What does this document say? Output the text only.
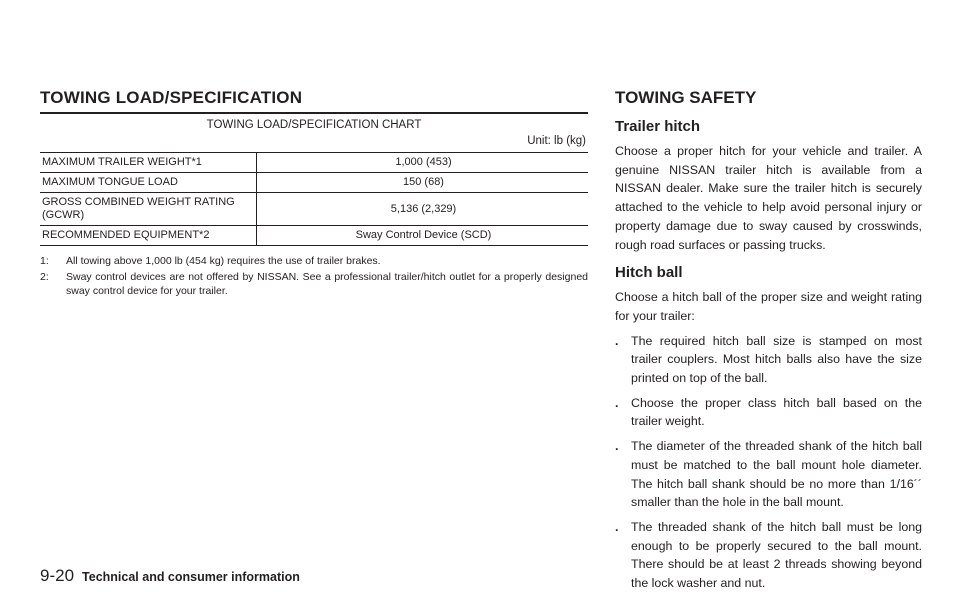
TOWING LOAD/SPECIFICATION
TOWING LOAD/SPECIFICATION CHART
Unit: lb (kg)
MAXIMUM TRAILER WEIGHT*1	1,000 (453)
MAXIMUM TONGUE LOAD	150 (68)
GROSS COMBINED WEIGHT RATING (GCWR)	5,136 (2,329)
RECOMMENDED EQUIPMENT*2	Sway Control Device (SCD)
1:	All towing above 1,000 lb (454 kg) requires the use of trailer brakes.
2:	Sway control devices are not offered by NISSAN. See a professional trailer/hitch outlet for a properly designed sway control device for your trailer.
TOWING SAFETY
Trailer hitch

Choose a proper hitch for your vehicle and trailer. A genuine NISSAN trailer hitch is available from a NISSAN dealer. Make sure the trailer hitch is securely attached to the vehicle to help avoid personal injury or property damage due to sway caused by crosswinds, rough road surfaces or passing trucks.

Hitch ball

Choose a hitch ball of the proper size and weight rating for your trailer:

.	The required hitch ball size is stamped on most trailer couplers. Most hitch balls also have the size printed on top of the ball.
.	Choose the proper class hitch ball based on the trailer weight.
.	The diameter of the threaded shank of the hitch ball must be matched to the ball mount hole diameter. The hitch ball shank should be no more than 1/16´´ smaller than the hole in the ball mount.
.	The threaded shank of the hitch ball must be long enough to be properly secured to the ball mount. There should be at least 2 threads showing beyond the lock washer and nut.
9-20 Technical and consumer information
